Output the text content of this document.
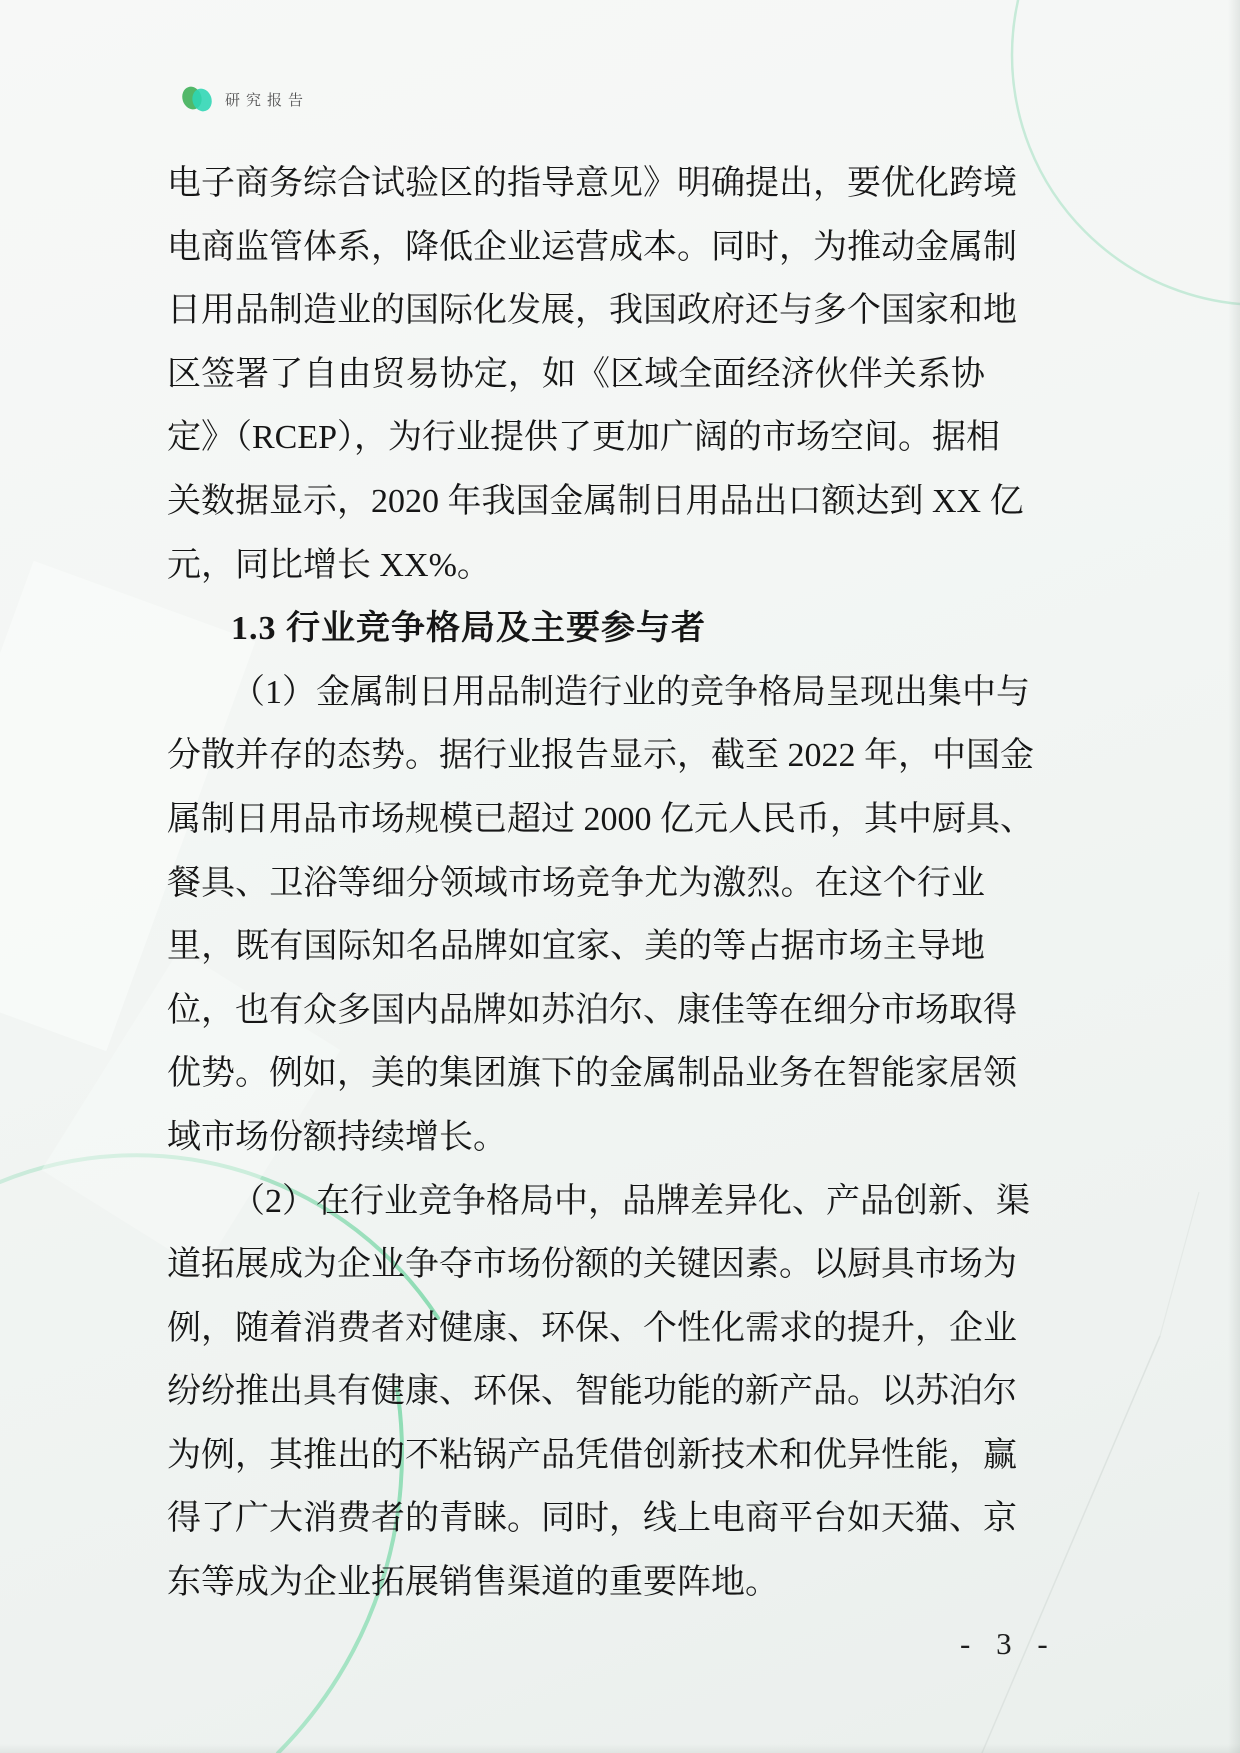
研究报告
电子商务综合试验区的指导意见》明确提出，要优化跨境
电商监管体系，降低企业运营成本。同时，为推动金属制
日用品制造业的国际化发展，我国政府还与多个国家和地
区签署了自由贸易协定，如《区域全面经济伙伴关系协
定》（RCEP），为行业提供了更加广阔的市场空间。据相
关数据显示，2020 年我国金属制日用品出口额达到 XX 亿
元，同比增长 XX%。
1.3 行业竞争格局及主要参与者
（1）金属制日用品制造行业的竞争格局呈现出集中与
分散并存的态势。据行业报告显示，截至 2022 年，中国金
属制日用品市场规模已超过 2000 亿元人民币，其中厨具、
餐具、卫浴等细分领域市场竞争尤为激烈。在这个行业
里，既有国际知名品牌如宜家、美的等占据市场主导地
位，也有众多国内品牌如苏泊尔、康佳等在细分市场取得
优势。例如，美的集团旗下的金属制品业务在智能家居领
域市场份额持续增长。
（2）在行业竞争格局中，品牌差异化、产品创新、渠
道拓展成为企业争夺市场份额的关键因素。以厨具市场为
例，随着消费者对健康、环保、个性化需求的提升，企业
纷纷推出具有健康、环保、智能功能的新产品。以苏泊尔
为例，其推出的不粘锅产品凭借创新技术和优异性能，赢
得了广大消费者的青睐。同时，线上电商平台如天猫、京
东等成为企业拓展销售渠道的重要阵地。
- 3 -
